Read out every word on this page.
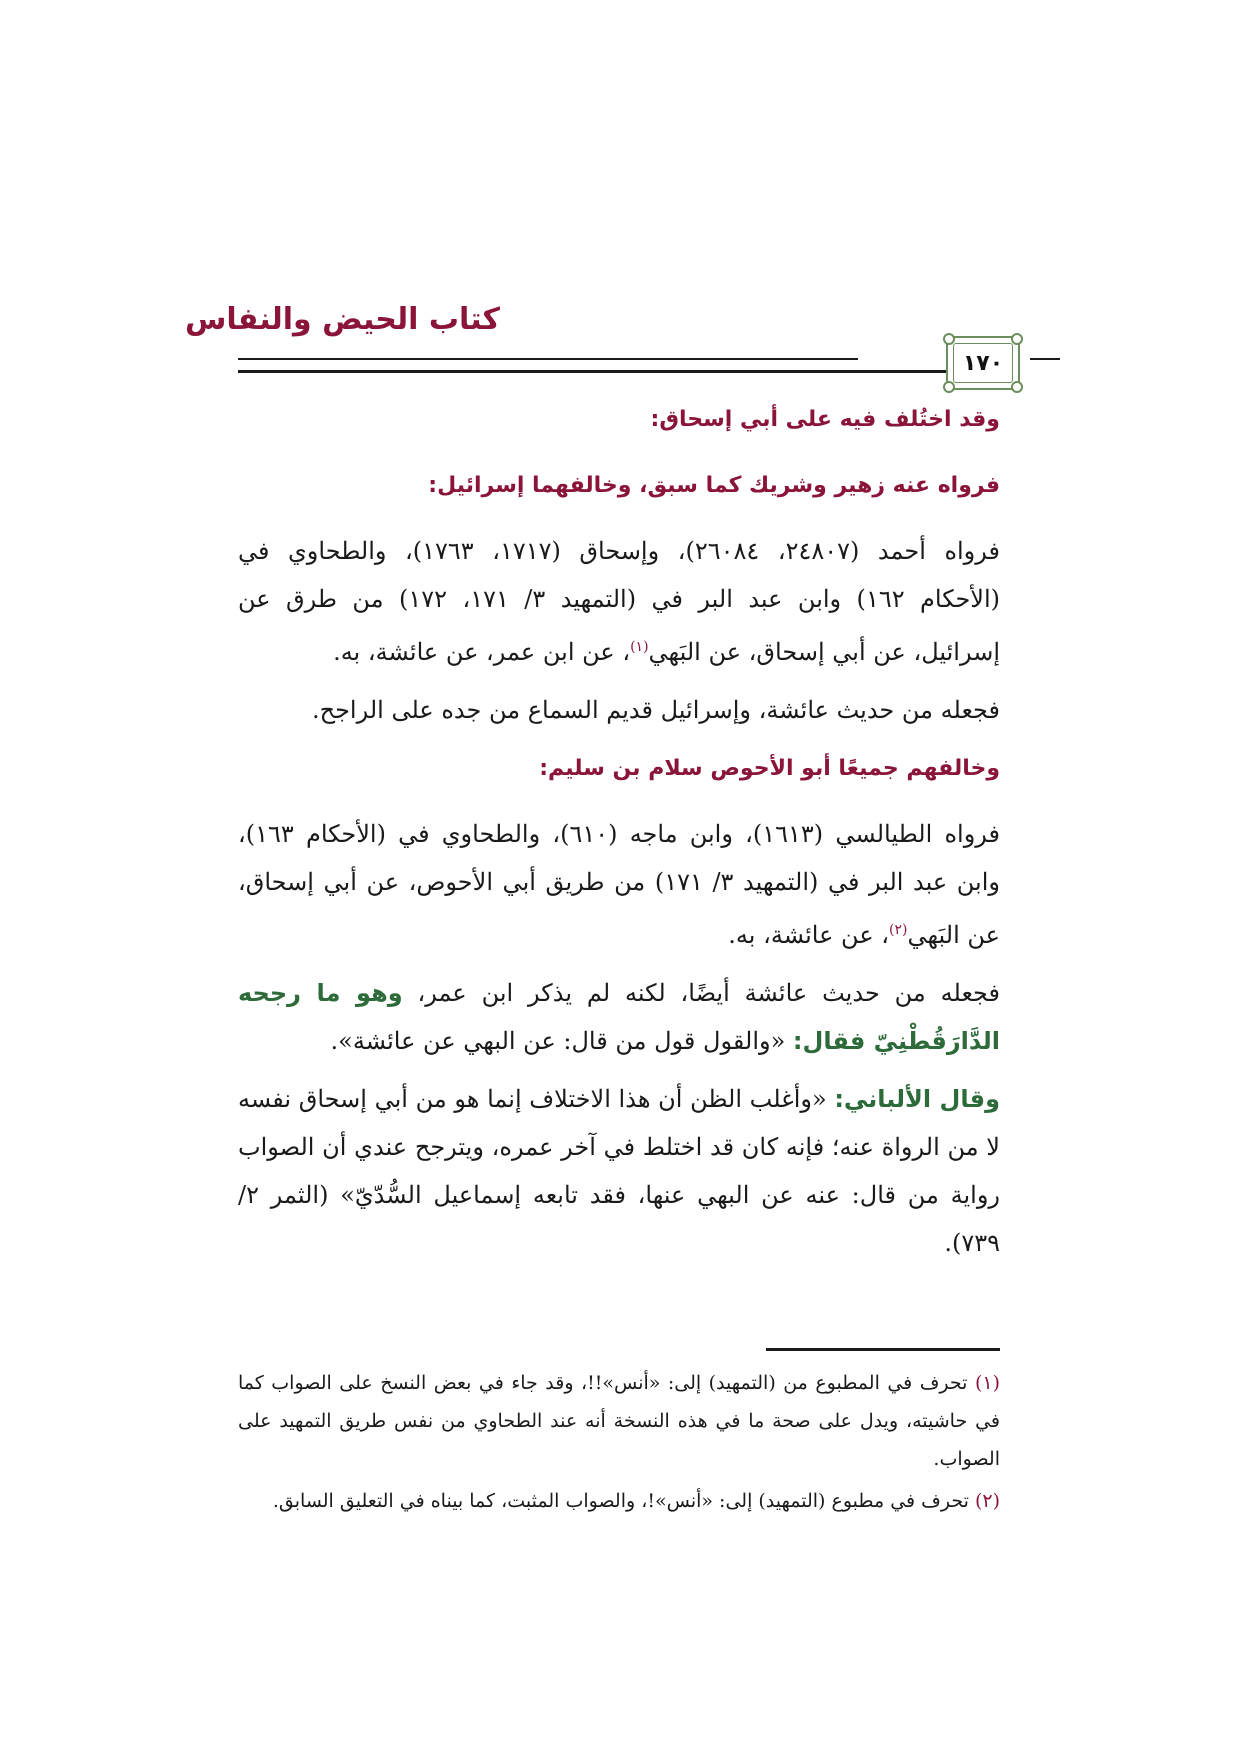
كتاب الحيض والنفاس
١٧٠

وقد اختُلف فيه على أبي إسحاق:

فرواه عنه زهير وشريك كما سبق، وخالفهما إسرائيل:

فرواه أحمد (٢٤٨٠٧، ٢٦٠٨٤)، وإسحاق (١٧١٧، ١٧٦٣)، والطحاوي في (الأحكام ١٦٢) وابن عبد البر في (التمهيد ٣/ ١٧١، ١٧٢) من طرق عن إسرائيل، عن أبي إسحاق، عن البَهي$^{(١)}$، عن ابن عمر، عن عائشة، به.

فجعله من حديث عائشة، وإسرائيل قديم السماع من جده على الراجح.

وخالفهم جميعًا أبو الأحوص سلام بن سليم:

فرواه الطيالسي (١٦١٣)، وابن ماجه (٦١٠)، والطحاوي في (الأحكام ١٦٣)، وابن عبد البر في (التمهيد ٣/ ١٧١) من طريق أبي الأحوص، عن أبي إسحاق، عن البَهي$^{(٢)}$، عن عائشة، به.

فجعله من حديث عائشة أيضًا، لكنه لم يذكر ابن عمر، وهو ما رجحه الدَّارَقُطْنِيّ فقال: «والقول قول من قال: عن البهي عن عائشة».

وقال الألباني: «وأغلب الظن أن هذا الاختلاف إنما هو من أبي إسحاق نفسه لا من الرواة عنه؛ فإنه كان قد اختلط في آخر عمره، ويترجح عندي أن الصواب رواية من قال: عنه عن البهي عنها، فقد تابعه إسماعيل السُّدّيّ» (الثمر ٢/ ٧٣٩).

(١) تحرف في المطبوع من (التمهيد) إلى: «أنس»!!، وقد جاء في بعض النسخ على الصواب كما في حاشيته، ويدل على صحة ما في هذه النسخة أنه عند الطحاوي من نفس طريق التمهيد على الصواب.

(٢) تحرف في مطبوع (التمهيد) إلى: «أنس»!، والصواب المثبت، كما بيناه في التعليق السابق.
